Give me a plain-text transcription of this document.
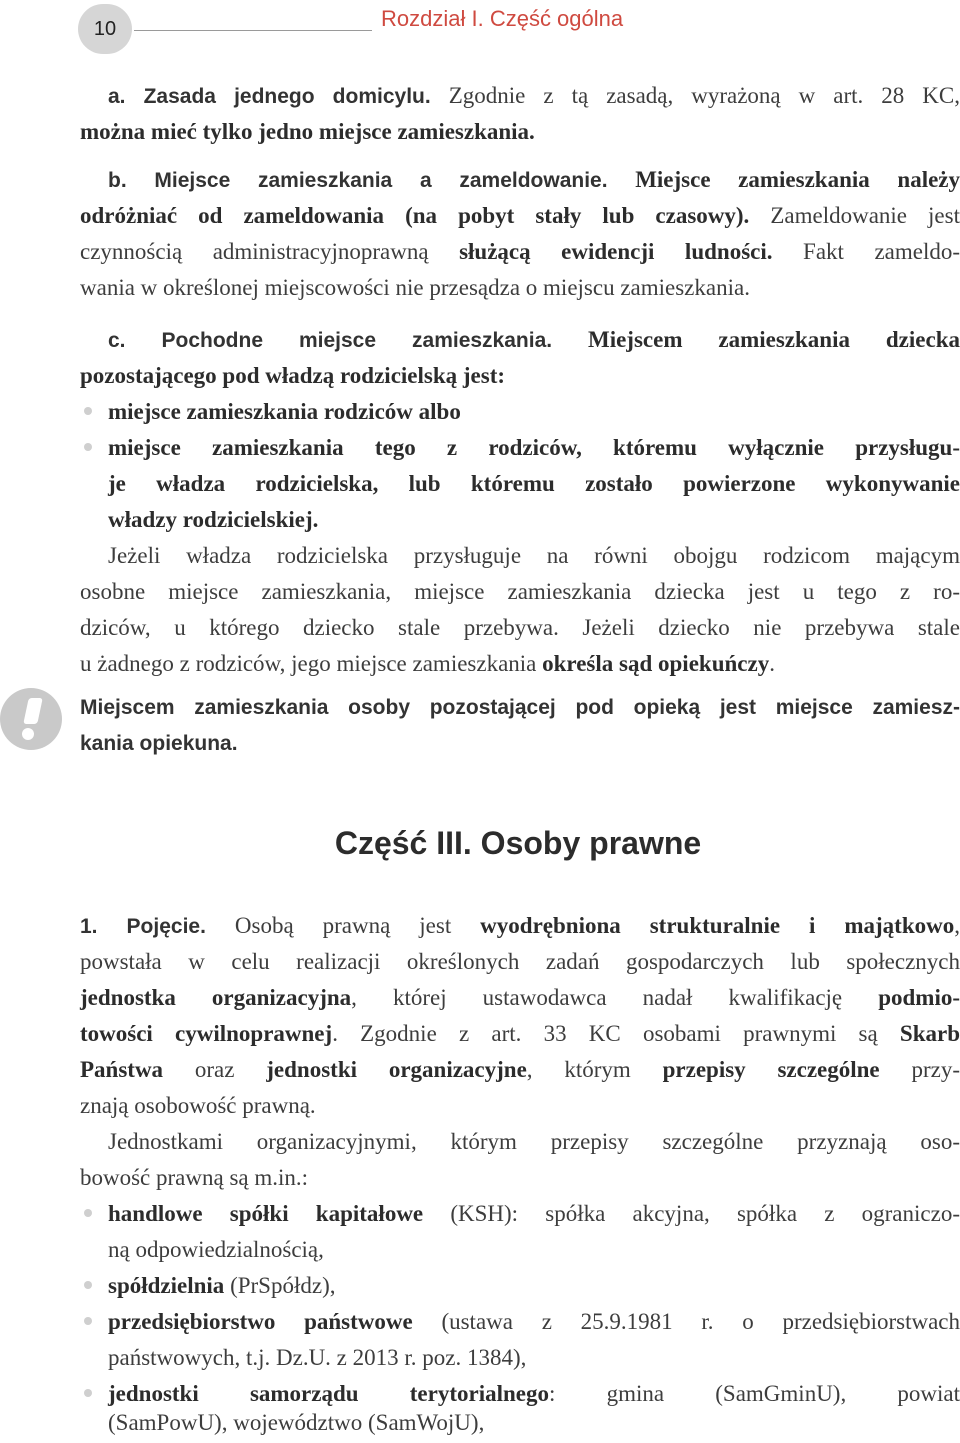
10	Rozdział I. Część ogólna
a. Zasada jednego domicylu. Zgodnie z tą zasadą, wyrażoną w art. 28 KC,
można mieć tylko jedno miejsce zamieszkania.
b. Miejsce zamieszkania a zameldowanie. Miejsce zamieszkania należy
odróżniać od zameldowania (na pobyt stały lub czasowy). Zameldowanie jest
czynnością administracyjnoprawną służącą ewidencji ludności. Fakt zameldo-
wania w określonej miejscowości nie przesądza o miejscu zamieszkania.
c. Pochodne miejsce zamieszkania. Miejscem zamieszkania dziecka
pozostającego pod władzą rodzicielską jest:
miejsce zamieszkania rodziców albo
miejsce zamieszkania tego z rodziców, któremu wyłącznie przysługu-
je władza rodzicielska, lub któremu zostało powierzone wykonywanie
władzy rodzicielskiej.
Jeżeli władza rodzicielska przysługuje na równi obojgu rodzicom mającym
osobne miejsce zamieszkania, miejsce zamieszkania dziecka jest u tego z ro-
dziców, u którego dziecko stale przebywa. Jeżeli dziecko nie przebywa stale
u żadnego z rodziców, jego miejsce zamieszkania określa sąd opiekuńczy.
Miejscem zamieszkania osoby pozostającej pod opieką jest miejsce zamiesz-
kania opiekuna.
Część III. Osoby prawne
1. Pojęcie. Osobą prawną jest wyodrębniona strukturalnie i majątkowo,
powstała w celu realizacji określonych zadań gospodarczych lub społecznych
jednostka organizacyjna, której ustawodawca nadał kwalifikację podmio-
towości cywilnoprawnej. Zgodnie z art. 33 KC osobami prawnymi są Skarb
Państwa oraz jednostki organizacyjne, którym przepisy szczególne przy-
znają osobowość prawną.
Jednostkami organizacyjnymi, którym przepisy szczególne przyznają oso-
bowość prawną są m.in.:
handlowe spółki kapitałowe (KSH): spółka akcyjna, spółka z ograniczo-
ną odpowiedzialnością,
spółdzielnia (PrSpółdz),
przedsiębiorstwo państwowe (ustawa z 25.9.1981 r. o przedsiębiorstwach
państwowych, t.j. Dz.U. z 2013 r. poz. 1384),
jednostki samorządu terytorialnego: gmina (SamGminU), powiat
(SamPowU), województwo (SamWojU),
